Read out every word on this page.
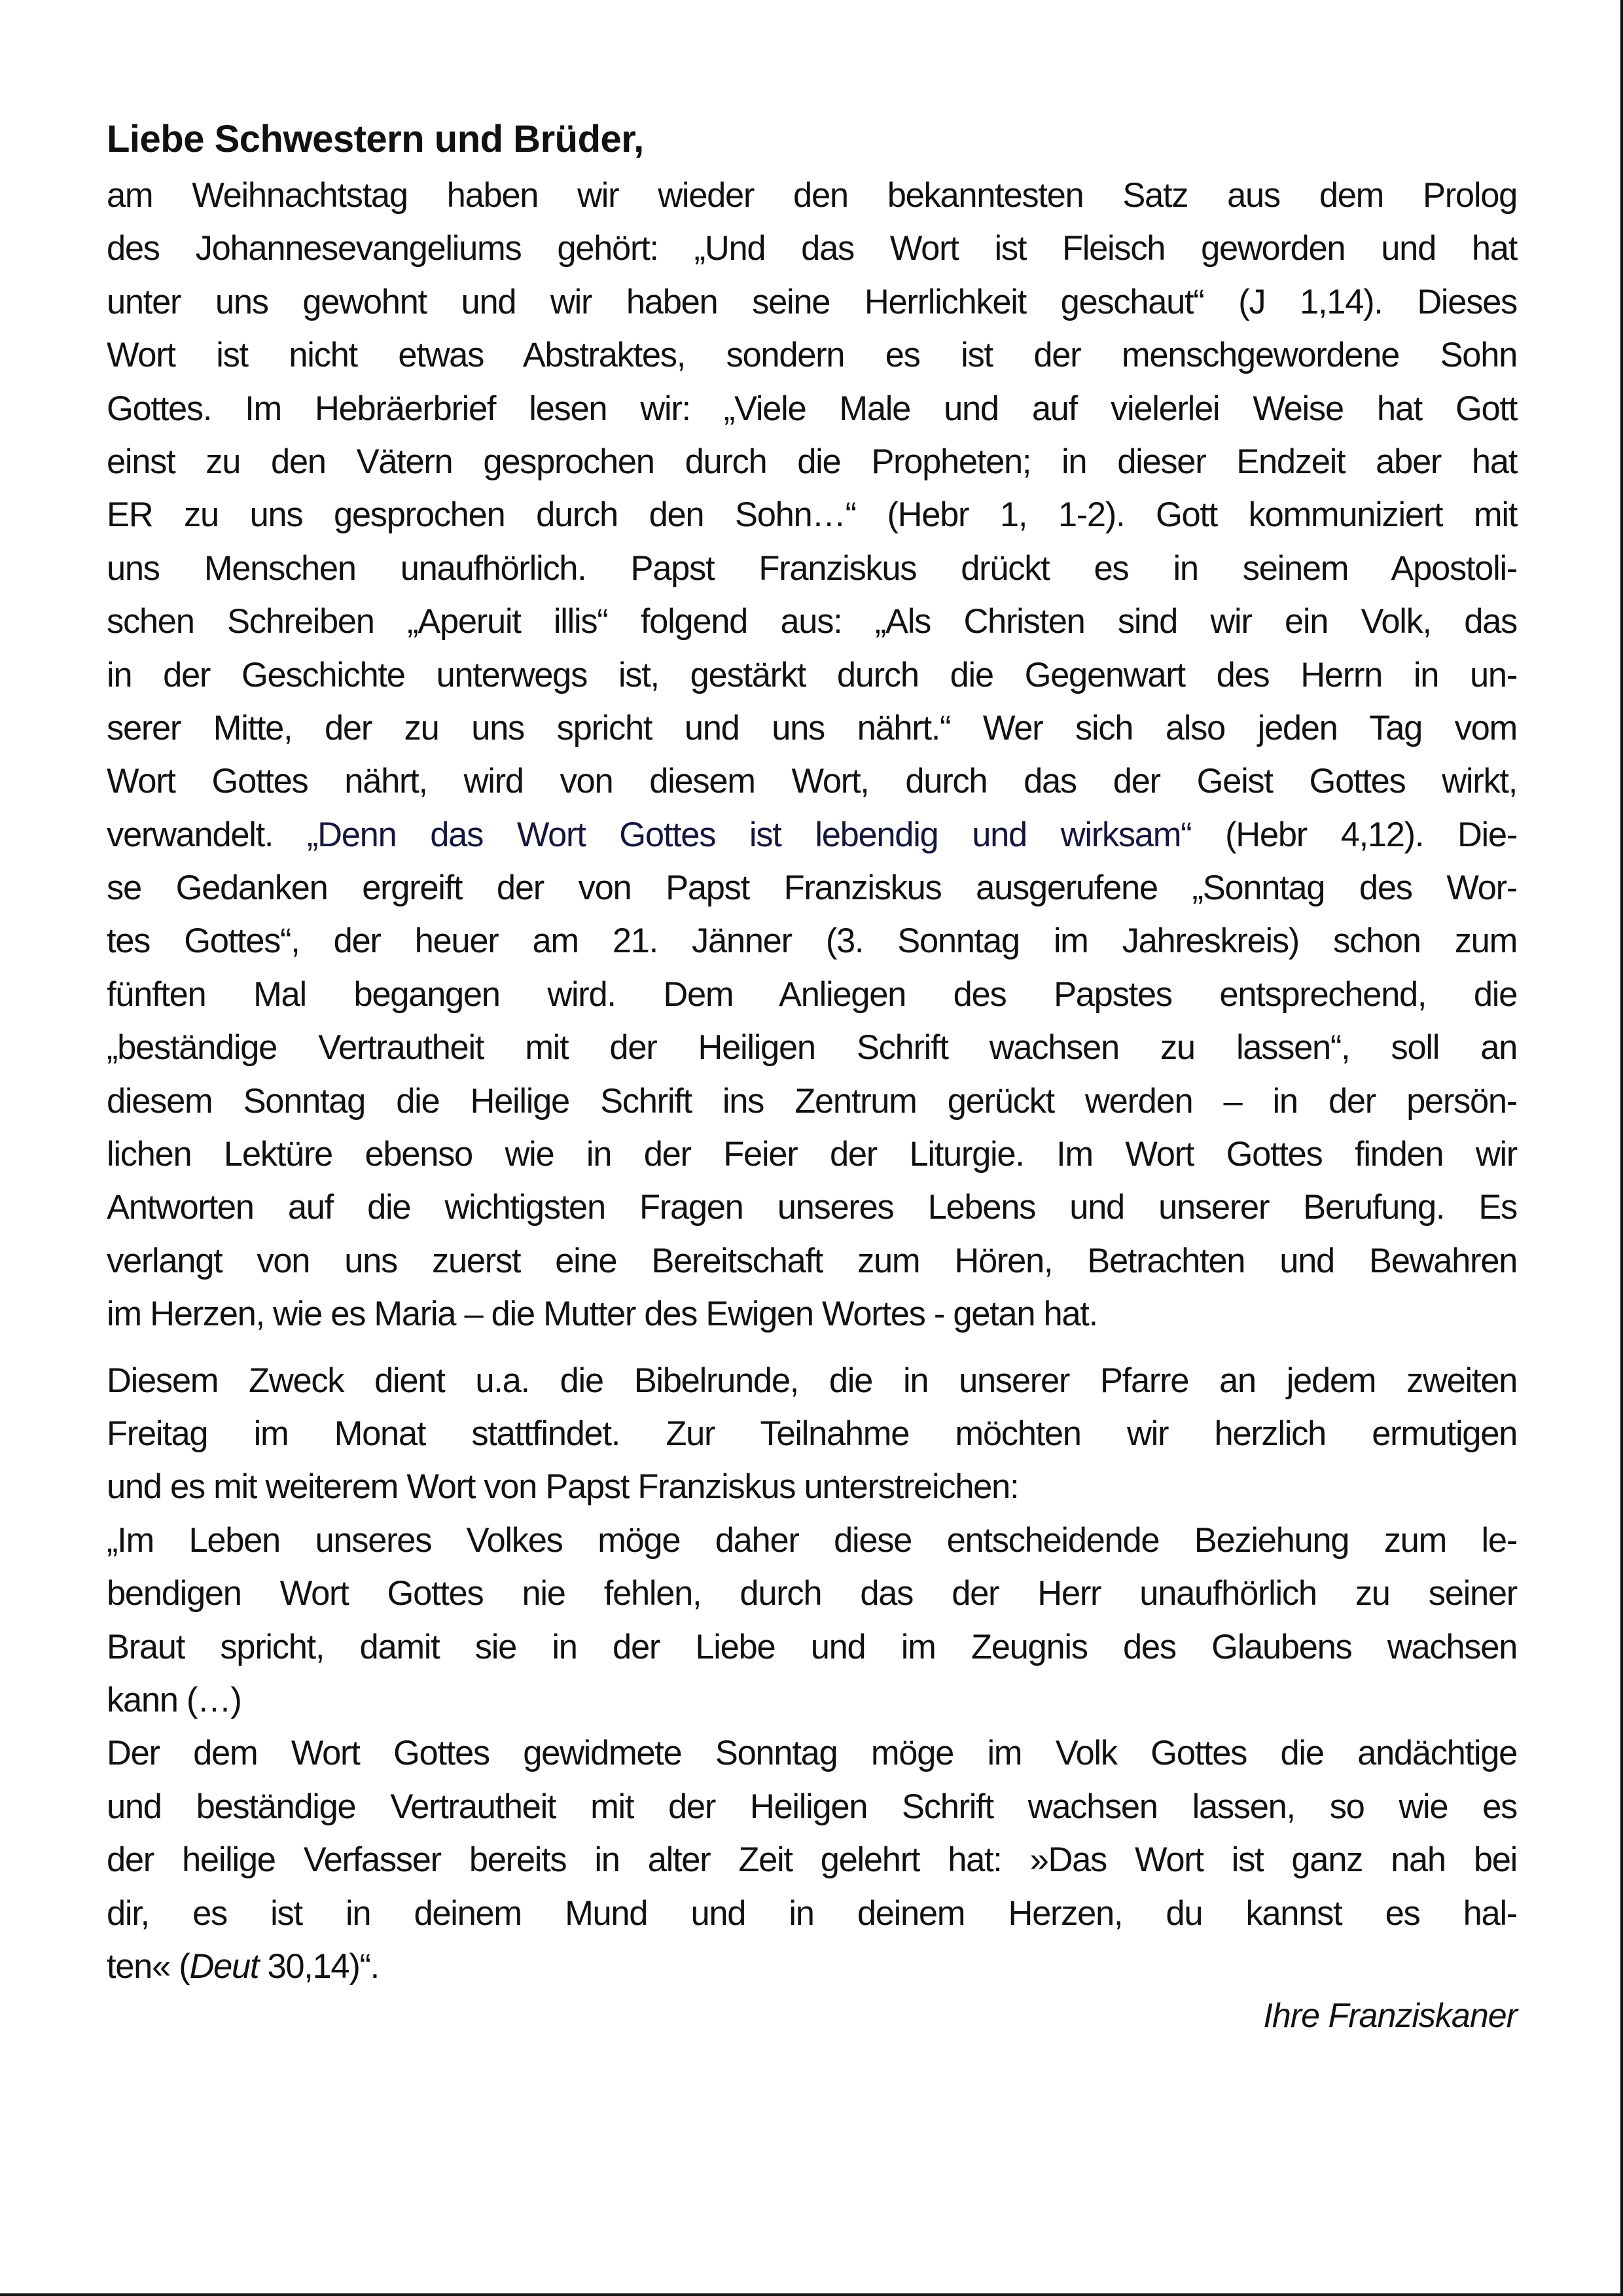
Liebe Schwestern und Brüder,
am Weihnachtstag haben wir wieder den bekanntesten Satz aus dem Prolog
des Johannesevangeliums gehört: „Und das Wort ist Fleisch geworden und hat
unter uns gewohnt und wir haben seine Herrlichkeit geschaut“ (J 1,14). Dieses
Wort ist nicht etwas Abstraktes, sondern es ist der menschgewordene Sohn
Gottes. Im Hebräerbrief lesen wir: „Viele Male und auf vielerlei Weise hat Gott
einst zu den Vätern gesprochen durch die Propheten; in dieser Endzeit aber hat
ER zu uns gesprochen durch den Sohn…“ (Hebr 1, 1-2). Gott kommuniziert mit
uns Menschen unaufhörlich. Papst Franziskus drückt es in seinem Apostoli-
schen Schreiben „Aperuit illis“ folgend aus: „Als Christen sind wir ein Volk, das
in der Geschichte unterwegs ist, gestärkt durch die Gegenwart des Herrn in un-
serer Mitte, der zu uns spricht und uns nährt.“ Wer sich also jeden Tag vom
Wort Gottes nährt, wird von diesem Wort, durch das der Geist Gottes wirkt,
verwandelt. „Denn das Wort Gottes ist lebendig und wirksam“ (Hebr 4,12). Die-
se Gedanken ergreift der von Papst Franziskus ausgerufene „Sonntag des Wor-
tes Gottes“, der heuer am 21. Jänner (3. Sonntag im Jahreskreis) schon zum
fünften Mal begangen wird. Dem Anliegen des Papstes entsprechend, die
„beständige Vertrautheit mit der Heiligen Schrift wachsen zu lassen“, soll an
diesem Sonntag die Heilige Schrift ins Zentrum gerückt werden – in der persön-
lichen Lektüre ebenso wie in der Feier der Liturgie. Im Wort Gottes finden wir
Antworten auf die wichtigsten Fragen unseres Lebens und unserer Berufung. Es
verlangt von uns zuerst eine Bereitschaft zum Hören, Betrachten und Bewahren
im Herzen, wie es Maria – die Mutter des Ewigen Wortes - getan hat.
Diesem Zweck dient u.a. die Bibelrunde, die in unserer Pfarre an jedem zweiten
Freitag im Monat stattfindet. Zur Teilnahme möchten wir herzlich ermutigen
und es mit weiterem Wort von Papst Franziskus unterstreichen:
„Im Leben unseres Volkes möge daher diese entscheidende Beziehung zum le-
bendigen Wort Gottes nie fehlen, durch das der Herr unaufhörlich zu seiner
Braut spricht, damit sie in der Liebe und im Zeugnis des Glaubens wachsen
kann (…)
Der dem Wort Gottes gewidmete Sonntag möge im Volk Gottes die andächtige
und beständige Vertrautheit mit der Heiligen Schrift wachsen lassen, so wie es
der heilige Verfasser bereits in alter Zeit gelehrt hat: »Das Wort ist ganz nah bei
dir, es ist in deinem Mund und in deinem Herzen, du kannst es hal-
ten« (Deut 30,14)“.
Ihre Franziskaner
